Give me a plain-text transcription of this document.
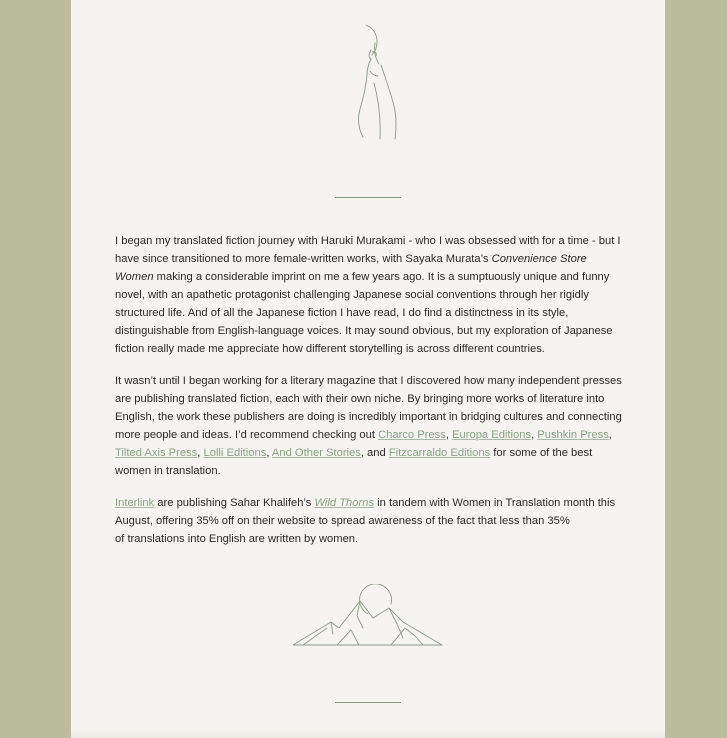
I began my translated fiction journey with Haruki Murakami - who I was obsessed with for a time - but I have since transitioned to more female-written works, with Sayaka Murata’s Convenience Store Women making a considerable imprint on me a few years ago. It is a sumptuously unique and funny novel, with an apathetic protagonist challenging Japanese social conventions through her rigidly structured life. And of all the Japanese fiction I have read, I do find a distinctness in its style, distinguishable from English-language voices. It may sound obvious, but my exploration of Japanese fiction really made me appreciate how different storytelling is across different countries.

It wasn’t until I began working for a literary magazine that I discovered how many independent presses are publishing translated fiction, each with their own niche. By bringing more works of literature into English, the work these publishers are doing is incredibly important in bridging cultures and connecting more people and ideas. I’d recommend checking out Charco Press, Europa Editions, Pushkin Press, Tilted Axis Press, Lolli Editions, And Other Stories, and Fitzcarraldo Editions for some of the best women in translation.

Interlink are publishing Sahar Khalifeh’s Wild Thorns in tandem with Women in Translation month this August, offering 35% off on their website to spread awareness of the fact that less than 35%
of translations into English are written by women.
